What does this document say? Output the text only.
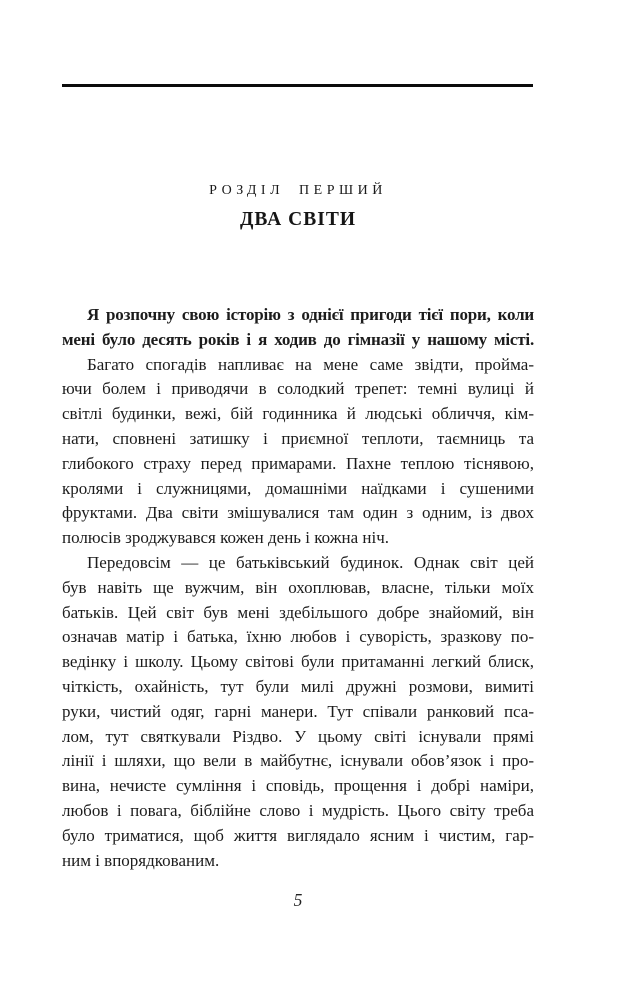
РОЗДІЛ ПЕРШИЙ
ДВА СВІТИ

Я розпочну свою історію з однієї пригоди тієї пори, коли
мені було десять років і я ходив до гімназії у нашому місті.

Багато спогадів напливає на мене саме звідти, пройма-
ючи болем і приводячи в солодкий трепет: темні вулиці й
світлі будинки, вежі, бій годинника й людські обличчя, кім-
нати, сповнені затишку і приємної теплоти, таємниць та
глибокого страху перед примарами. Пахне теплою тіснявою,
кролями і служницями, домашніми наїдками і сушеними
фруктами. Два світи змішувалися там один з одним, із двох
полюсів зроджувався кожен день і кожна ніч.

Передовсім — це батьківський будинок. Однак світ цей
був навіть ще вужчим, він охоплював, власне, тільки моїх
батьків. Цей світ був мені здебільшого добре знайомий, він
означав матір і батька, їхню любов і суворість, зразкову по-
ведінку і школу. Цьому світові були притаманні легкий блиск,
чіткість, охайність, тут були милі дружні розмови, вимиті
руки, чистий одяг, гарні манери. Тут співали ранковий пса-
лом, тут святкували Різдво. У цьому світі існували прямі
лінії і шляхи, що вели в майбутнє, існували обов’язок і про-
вина, нечисте сумління і сповідь, прощення і добрі наміри,
любов і повага, біблійне слово і мудрість. Цього світу треба
було триматися, щоб життя виглядало ясним і чистим, гар-
ним і впорядкованим.

5
